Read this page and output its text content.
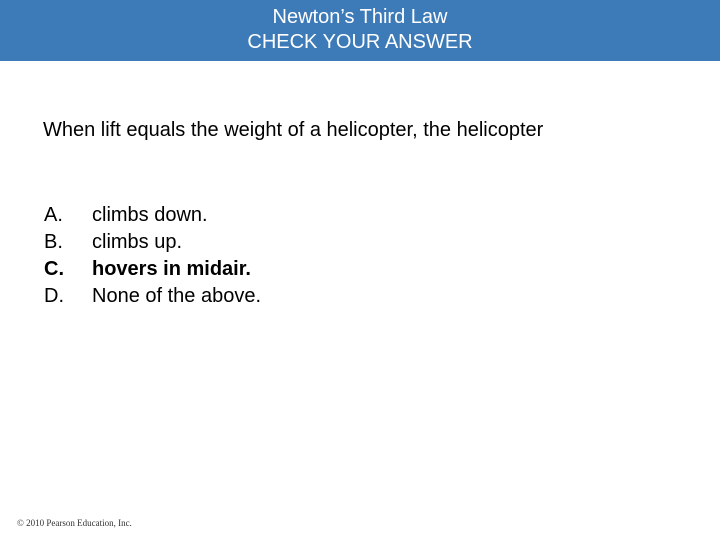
Newton’s Third Law
CHECK YOUR ANSWER
When lift equals the weight of a helicopter, the helicopter
A.	climbs down.
B.	climbs up.
C.	hovers in midair.
D.	None of the above.
© 2010 Pearson Education, Inc.
